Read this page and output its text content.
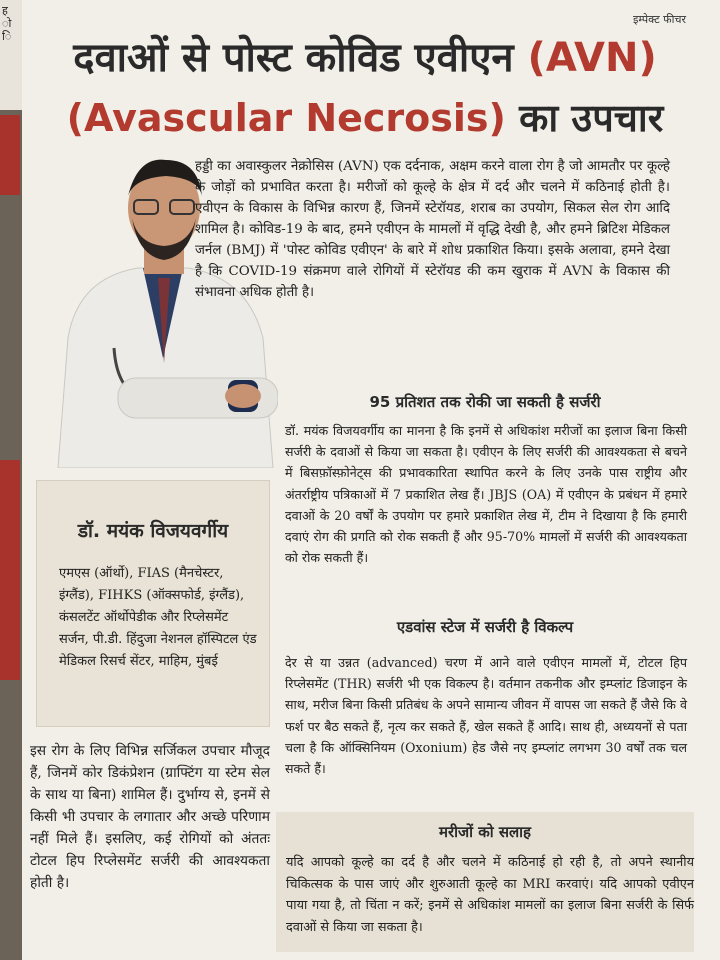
ह
ो
ि
इम्पेक्ट फीचर
दवाओं से पोस्ट कोविड एवीएन (AVN)
(Avascular Necrosis) का उपचार
हड्डी का अवास्कुलर नेक्रोसिस (AVN) एक दर्दनाक, अक्षम करने वाला रोग है जो आमतौर पर कूल्हे के जोड़ों को प्रभावित करता है। मरीजों को कूल्हे के क्षेत्र में दर्द और चलने में कठिनाई होती है। एवीएन के विकास के विभिन्न कारण हैं, जिनमें स्टेरॉयड, शराब का उपयोग, सिकल सेल रोग आदि शामिल है। कोविड-19 के बाद, हमने एवीएन के मामलों में वृद्धि देखी है, और हमने ब्रिटिश मेडिकल जर्नल (BMJ) में 'पोस्ट कोविड एवीएन' के बारे में शोध प्रकाशित किया। इसके अलावा, हमने देखा है कि COVID-19 संक्रमण वाले रोगियों में स्टेरॉयड की कम खुराक में AVN के विकास की संभावना अधिक होती है।
95 प्रतिशत तक रोकी जा सकती है सर्जरी
डॉ. मयंक विजयवर्गीय का मानना है कि इनमें से अधिकांश मरीजों का इलाज बिना किसी सर्जरी के दवाओं से किया जा सकता है। एवीएन के लिए सर्जरी की आवश्यकता से बचने में बिसफ़ॉस्फ़ोनेट्स की प्रभावकारिता स्थापित करने के लिए उनके पास राष्ट्रीय और अंतर्राष्ट्रीय पत्रिकाओं में 7 प्रकाशित लेख हैं। JBJS (OA) में एवीएन के प्रबंधन में हमारे दवाओं के 20 वर्षों के उपयोग पर हमारे प्रकाशित लेख में, टीम ने दिखाया है कि हमारी दवाएं रोग की प्रगति को रोक सकती हैं और 95-70% मामलों में सर्जरी की आवश्यकता को रोक सकती हैं।
डॉ. मयंक विजयवर्गीय
एमएस (ऑर्थो), FIAS (मैनचेस्टर, इंग्लैंड), FIHKS (ऑक्सफोर्ड, इंग्लैंड), कंसलटेंट ऑर्थोपेडीक और रिप्लेसमेंट सर्जन, पी.डी. हिंदुजा नेशनल हॉस्पिटल एंड मेडिकल रिसर्च सेंटर, माहिम, मुंबई
एडवांस स्टेज में सर्जरी है विकल्प
देर से या उन्नत (advanced) चरण में आने वाले एवीएन मामलों में, टोटल हिप रिप्लेसमेंट (THR) सर्जरी भी एक विकल्प है। वर्तमान तकनीक और इम्प्लांट डिजाइन के साथ, मरीज बिना किसी प्रतिबंध के अपने सामान्य जीवन में वापस जा सकते हैं जैसे कि वे फर्श पर बैठ सकते हैं, नृत्य कर सकते हैं, खेल सकते हैं आदि। साथ ही, अध्ययनों से पता चला है कि ऑक्सिनियम (Oxonium) हेड जैसे नए इम्प्लांट लगभग 30 वर्षों तक चल सकते हैं।
इस रोग के लिए विभिन्न सर्जिकल उपचार मौजूद हैं, जिनमें कोर डिकंप्रेशन (ग्राफ्टिंग या स्टेम सेल के साथ या बिना) शामिल हैं। दुर्भाग्य से, इनमें से किसी भी उपचार के लगातार और अच्छे परिणाम नहीं मिले हैं। इसलिए, कई रोगियों को अंततः टोटल हिप रिप्लेसमेंट सर्जरी की आवश्यकता होती है।
मरीजों को सलाह
यदि आपको कूल्हे का दर्द है और चलने में कठिनाई हो रही है, तो अपने स्थानीय चिकित्सक के पास जाएं और शुरुआती कूल्हे का MRI करवाएं। यदि आपको एवीएन पाया गया है, तो चिंता न करें; इनमें से अधिकांश मामलों का इलाज बिना सर्जरी के सिर्फ दवाओं से किया जा सकता है।
